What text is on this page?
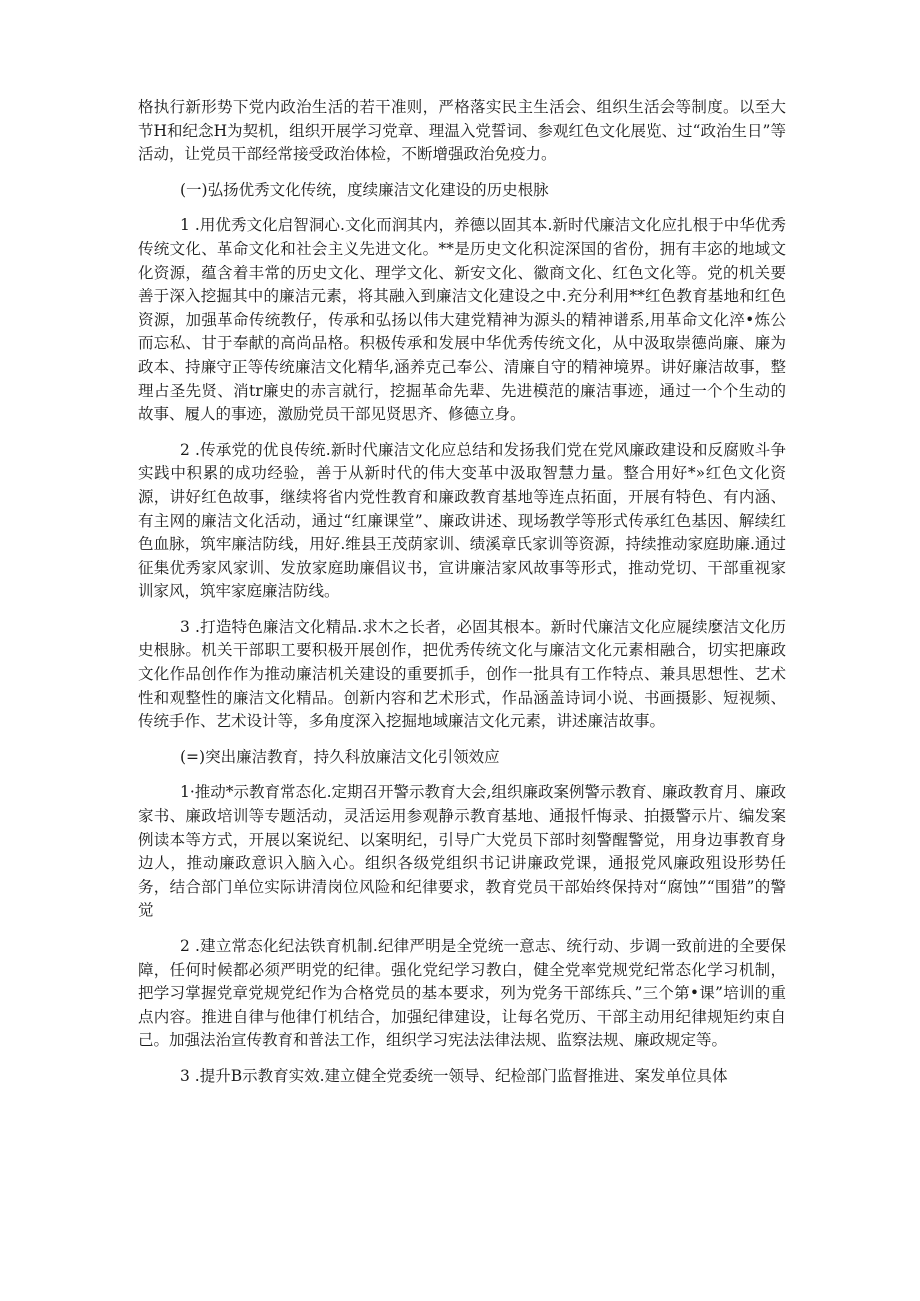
格执行新形势下党内政治生活的若干准则，严格落实民主生活会、组织生活会等制度。以至大节H和纪念H为契机，组织开展学习党章、理温入党誓词、参观红色文化展览、过“政治生日”等活动，让党员干部经常接受政治体检，不断增强政治免疫力。

(一)弘扬优秀文化传统，度续廉洁文化建设的历史根脉

1 .用优秀文化启智洞心.文化而润其内，养德以固其本.新时代廉洁文化应扎根于中华优秀传统文化、革命文化和社会主义先进文化。**是历史文化积淀深国的省份，拥有丰宓的地域文化资源，蕴含着丰常的历史文化、理学文化、新安文化、徽商文化、红色文化等。党的机关要善于深入挖掘其中的廉洁元素，将其融入到廉洁文化建设之中.充分利用**红色教育基地和红色资源，加强革命传统教仔，传承和弘扬以伟大建党精神为源头的精神谱系,用革命文化淬•炼公而忘私、甘于奉献的高尚品格。积极传承和发展中华优秀传统文化，从中汲取崇德尚廉、廉为政本、持廉守正等传统廉洁文化精华,涵养克己奉公、清廉自守的精神境界。讲好廉洁故事，整理占圣先贤、消tr廉史的赤言就行，挖掘革命先辈、先进模范的廉洁事迹，通过一个个生动的故事、履人的事迹，激励党员干部见贤思齐、修德立身。

2 .传承党的优良传统.新时代廉洁文化应总结和发扬我们党在党风廉政建设和反腐败斗争实践中积累的成功经验，善于从新时代的伟大变革中汲取智慧力量。整合用好*»红色文化资源，讲好红色故事，继续将省内党性教育和廉政教育基地等连点拓面，开展有特色、有内涵、有主网的廉洁文化活动，通过“红廉课堂”、廉政讲述、现场教学等形式传承红色基因、解续红色血脉，筑牢廉洁防线，用好.维县王茂荫家训、绩溪章氏家训等资源，持续推动家庭助廉.通过征集优秀家风家训、发放家庭助廉倡议书，宣讲廉洁家风故事等形式，推动党切、干部重视家训家风，筑牢家庭廉洁防线。

3 .打造特色廉洁文化精品.求木之长者，必固其根本。新时代廉洁文化应屣续麼洁文化历史根脉。机关干部职工要积极开展创作，把优秀传统文化与廉洁文化元素相融合，切实把廉政文化作品创作作为推动廉洁机关建设的重要抓手，创作一批具有工作特点、兼具思想性、艺术性和观整性的廉洁文化精品。创新内容和艺术形式，作品涵盖诗词小说、书画摄影、短视频、传统手作、艺术设计等，多角度深入挖掘地域廉洁文化元素，讲述廉洁故事。

(=)突出廉洁教育，持久科放廉洁文化引领效应

1·推动*示教育常态化.定期召开警示教育大会,组织廉政案例警示教育、廉政教育月、廉政家书、廉政培训等专题活动，灵活运用参观静示教育基地、通报忏悔录、拍摄警示片、编发案例读本等方式，开展以案说纪、以案明纪，引导广大党员下部时刻警醒警觉，用身边事教育身边人，推动廉政意识入脑入心。组织各级党组织书记讲廉政党课，通报党风廉政殂设形势任务，结合部门单位实际讲清岗位风险和纪律要求，教育党员干部始终保持对“腐蚀”“围猎”的警觉

2 .建立常态化纪法铁育机制.纪律严明是全党统一意志、统行动、步调一致前进的全要保障，任何时候都必须严明党的纪律。强化党纪学习教白，健全党率党规党纪常态化学习机制，把学习掌握党章党规党纪作为合格党员的基本要求，列为党务干部练兵、”三个第•课”培训的重点内容。推进自律与他律仃机结合，加强纪律建设，让每名党历、干部主动用纪律规矩约束自己。加强法治宣传教育和普法工作，组织学习宪法法律法规、监察法规、廉政规定等。

3 .提升B示教育实效.建立健全党委统一领导、纪检部门监督推进、案发单位具体
